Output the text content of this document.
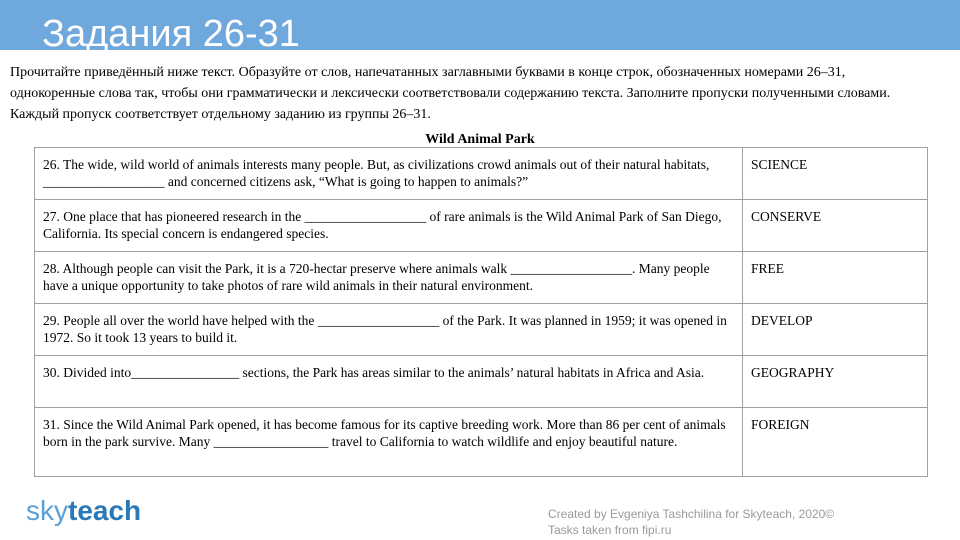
Задания 26-31
Прочитайте приведённый ниже текст. Образуйте от слов, напечатанных заглавными буквами в конце строк, обозначенных номерами 26–31,
однокоренные слова так, чтобы они грамматически и лексически соответствовали содержанию текста. Заполните пропуски полученными словами.
Каждый пропуск соответствует отдельному заданию из группы 26–31.
Wild Animal Park
26. The wide, wild world of animals interests many people. But, as civilizations crowd animals out of their natural habitats, __________________ and concerned citizens ask, “What is going to happen to animals?”	SCIENCE
27. One place that has pioneered research in the __________________ of rare animals is the Wild Animal Park of San Diego, California. Its special concern is endangered species.	CONSERVE
28. Although people can visit the Park, it is a 720-hectar preserve where animals walk __________________. Many people have a unique opportunity to take photos of rare wild animals in their natural environment.	FREE
29. People all over the world have helped with the __________________ of the Park. It was planned in 1959; it was opened in 1972. So it took 13 years to build it.	DEVELOP
30. Divided into________________ sections, the Park has areas similar to the animals’ natural habitats in Africa and Asia.	GEOGRAPHY
31. Since the Wild Animal Park opened, it has become famous for its captive breeding work. More than 86 per cent of animals born in the park survive. Many _________________ travel to California to watch wildlife and enjoy beautiful nature.	FOREIGN
skyteach	Created by Evgeniya Tashchilina for Skyteach, 2020©
Tasks taken from fipi.ru
